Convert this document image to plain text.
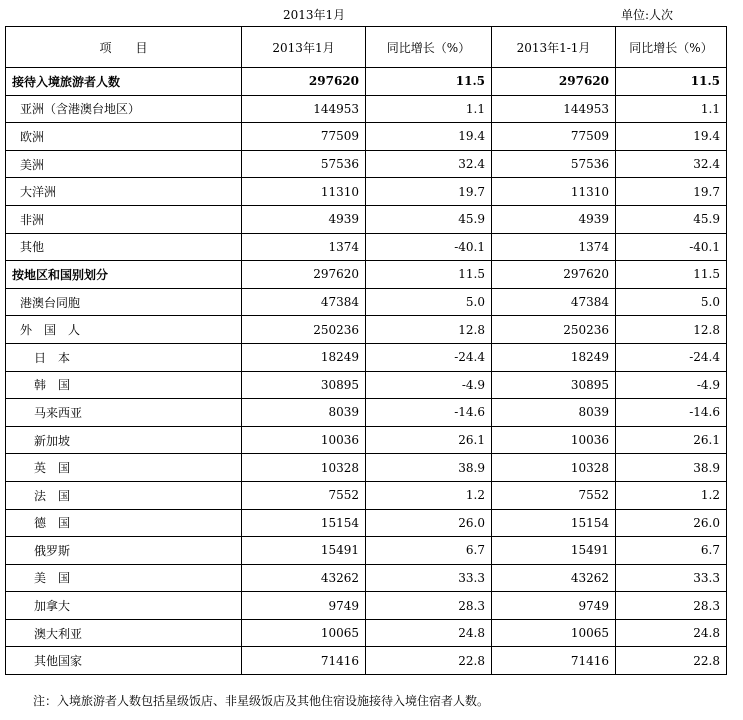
2013年1月	单位:人次
项　　目	2013年1月	同比增长（%）	2013年1-1月	同比增长（%）
接待入境旅游者人数	297620	11.5	297620	11.5
亚洲（含港澳台地区）	144953	1.1	144953	1.1
欧洲	77509	19.4	77509	19.4
美洲	57536	32.4	57536	32.4
大洋洲	11310	19.7	11310	19.7
非洲	4939	45.9	4939	45.9
其他	1374	-40.1	1374	-40.1
按地区和国别划分	297620	11.5	297620	11.5
港澳台同胞	47384	5.0	47384	5.0
外　国　人	250236	12.8	250236	12.8
日　本	18249	-24.4	18249	-24.4
韩　国	30895	-4.9	30895	-4.9
马来西亚	8039	-14.6	8039	-14.6
新加坡	10036	26.1	10036	26.1
英　国	10328	38.9	10328	38.9
法　国	7552	1.2	7552	1.2
德　国	15154	26.0	15154	26.0
俄罗斯	15491	6.7	15491	6.7
美　国	43262	33.3	43262	33.3
加拿大	9749	28.3	9749	28.3
澳大利亚	10065	24.8	10065	24.8
其他国家	71416	22.8	71416	22.8
注：入境旅游者人数包括星级饭店、非星级饭店及其他住宿设施接待入境住宿者人数。
